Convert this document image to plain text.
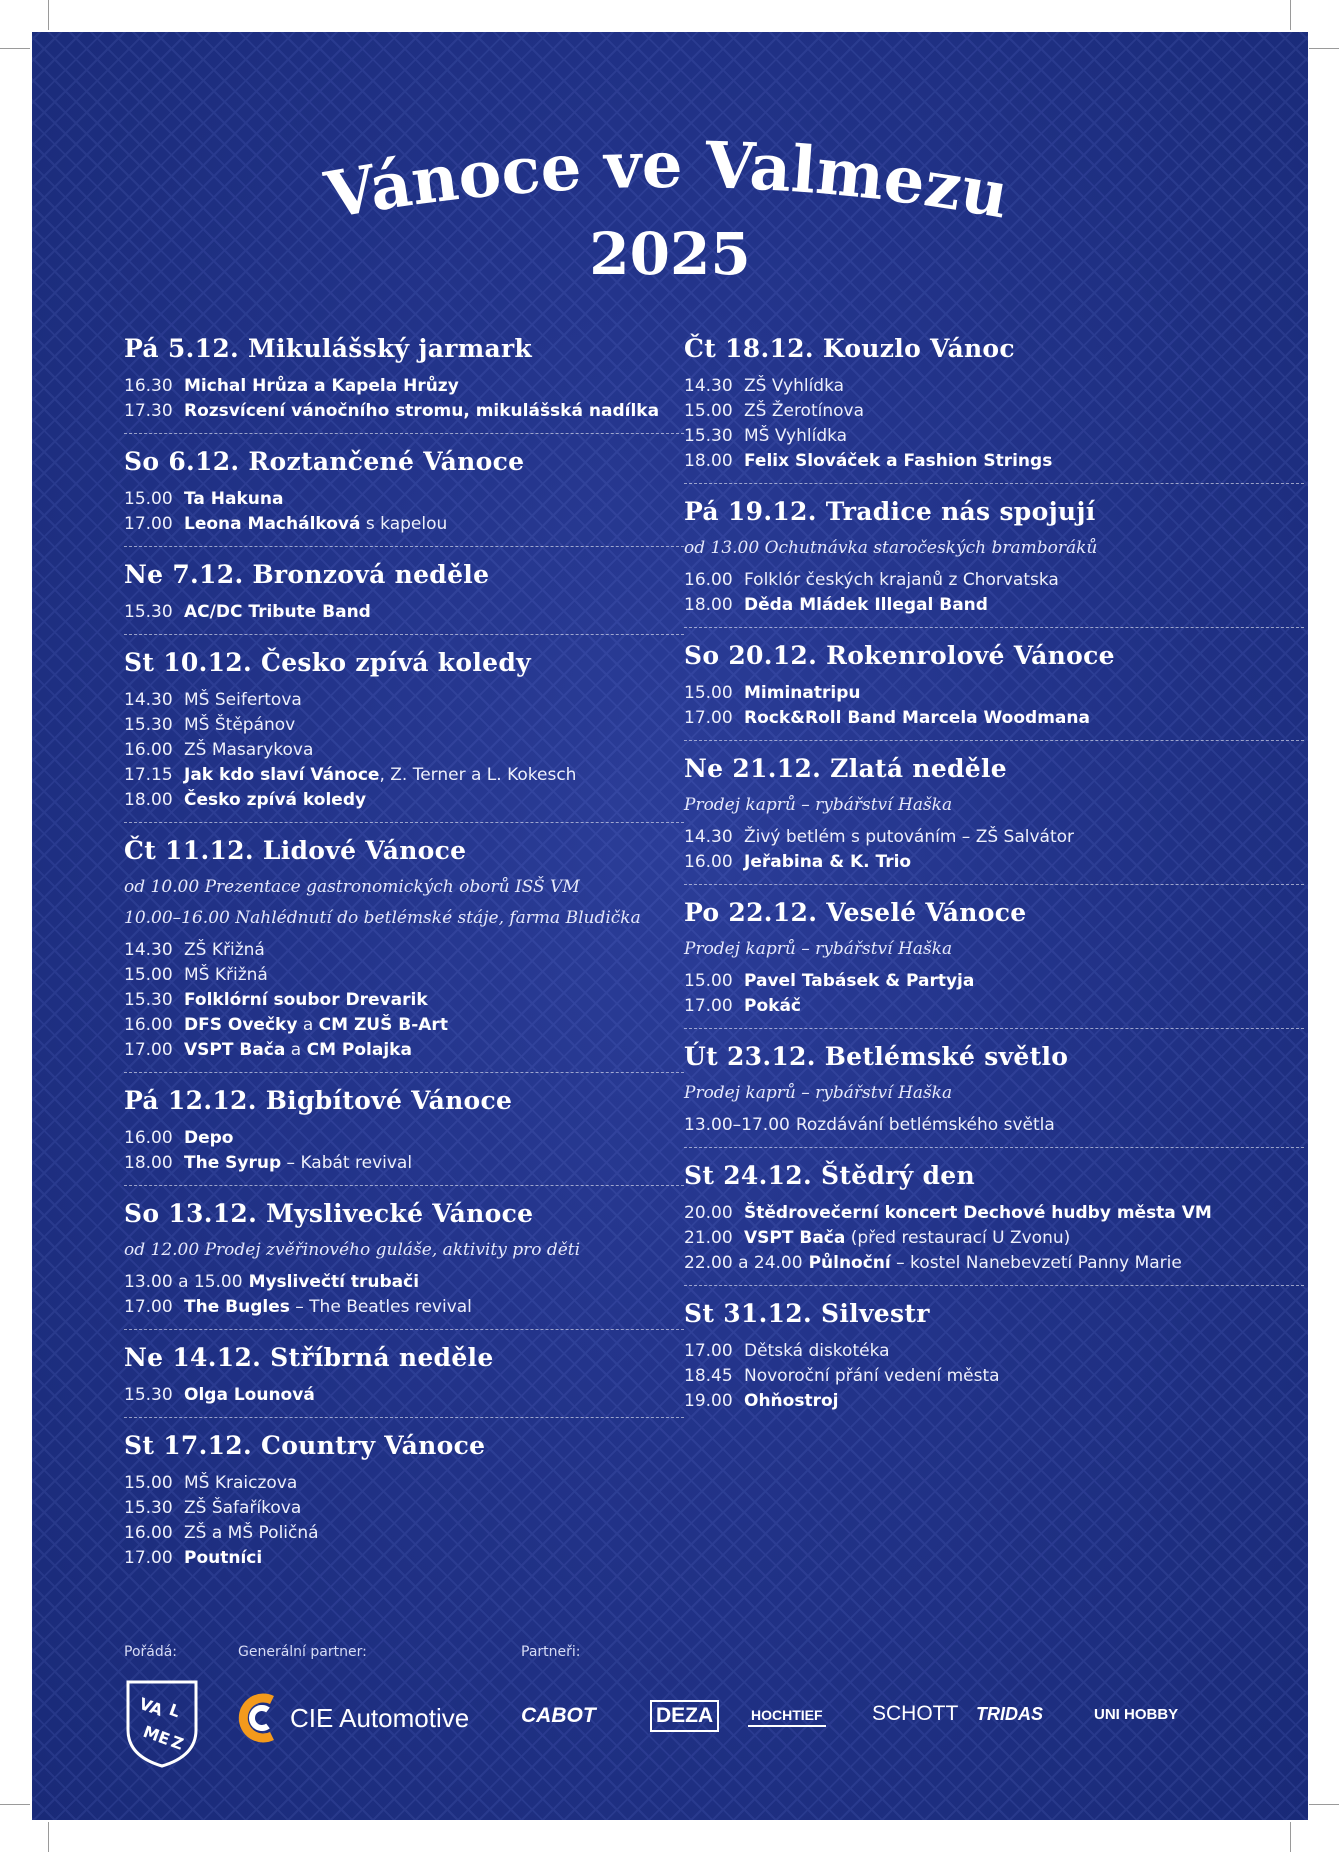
Vánoce ve Valmezu
2025
Pá 5.12. Mikulášský jarmark
16.30 Michal Hrůza a Kapela Hrůzy
17.30 Rozsvícení vánočního stromu, mikulášská nadílka
So 6.12. Roztančené Vánoce
15.00 Ta Hakuna
17.00 Leona Machálková s kapelou
Ne 7.12. Bronzová neděle
15.30 AC/DC Tribute Band
St 10.12. Česko zpívá koledy
14.30 MŠ Seifertova
15.30 MŠ Štěpánov
16.00 ZŠ Masarykova
17.15 Jak kdo slaví Vánoce, Z. Terner a L. Kokesch
18.00 Česko zpívá koledy
Čt 11.12. Lidové Vánoce
od 10.00 Prezentace gastronomických oborů ISŠ VM
10.00–16.00 Nahlédnutí do betlémské stáje, farma Bludička
14.30 ZŠ Křižná
15.00 MŠ Křižná
15.30 Folklórní soubor Drevarik
16.00 DFS Ovečky a CM ZUŠ B-Art
17.00 VSPT Bača a CM Polajka
Pá 12.12. Bigbítové Vánoce
16.00 Depo
18.00 The Syrup – Kabát revival
So 13.12. Myslivecké Vánoce
od 12.00 Prodej zvěřinového guláše, aktivity pro děti
13.00 a 15.00 Myslivečtí trubači
17.00 The Bugles – The Beatles revival
Ne 14.12. Stříbrná neděle
15.30 Olga Lounová
St 17.12. Country Vánoce
15.00 MŠ Kraiczova
15.30 ZŠ Šafaříkova
16.00 ZŠ a MŠ Poličná
17.00 Poutníci
Čt 18.12. Kouzlo Vánoc
14.30 ZŠ Vyhlídka
15.00 ZŠ Žerotínova
15.30 MŠ Vyhlídka
18.00 Felix Slováček a Fashion Strings
Pá 19.12. Tradice nás spojují
od 13.00 Ochutnávka staročeských bramboráků
16.00 Folklór českých krajanů z Chorvatska
18.00 Děda Mládek Illegal Band
So 20.12. Rokenrolové Vánoce
15.00 Miminatripu
17.00 Rock&Roll Band Marcela Woodmana
Ne 21.12. Zlatá neděle
Prodej kaprů – rybářství Haška
14.30 Živý betlém s putováním – ZŠ Salvátor
16.00 Jeřabina & K. Trio
Po 22.12. Veselé Vánoce
Prodej kaprů – rybářství Haška
15.00 Pavel Tabásek & Partyja
17.00 Pokáč
Út 23.12. Betlémské světlo
Prodej kaprů – rybářství Haška
13.00–17.00 Rozdávání betlémského světla
St 24.12. Štědrý den
20.00 Štědrovečerní koncert Dechové hudby města VM
21.00 VSPT Bača (před restaurací U Zvonu)
22.00 a 24.00 Půlnoční – kostel Nanebevzetí Panny Marie
St 31.12. Silvestr
17.00 Dětská diskotéka
18.45 Novoroční přání vedení města
19.00 Ohňostroj
Pořádá:	Generální partner:	Partneři:
VA L
ME
Z
CIE Automotive CABOT	DEZA	HOCHTIEF SCHOTT TRIDAS	UNI HOBBY
